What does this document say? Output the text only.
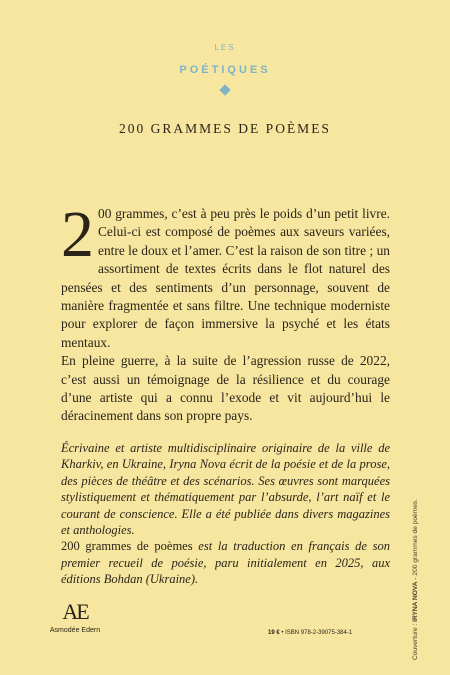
LES
POÉTIQUES
200 GRAMMES DE POÈMES

2 00 grammes, c’est à peu près le poids d’un petit livre. Celui-ci est composé de poèmes aux saveurs variées, entre le doux et l’amer. C’est la raison de son titre ; un assortiment de textes écrits dans le flot naturel des pensées et des sentiments d’un personnage, souvent de manière fragmentée et sans filtre. Une technique moderniste pour explorer de façon immersive la psyché et les états mentaux.

En pleine guerre, à la suite de l’agression russe de 2022, c’est aussi un témoignage de la résilience et du courage d’une artiste qui a connu l’exode et vit aujourd’hui le déracinement dans son propre pays.

Écrivaine et artiste multidisciplinaire originaire de la ville de Kharkiv, en Ukraine, Iryna Nova écrit de la poésie et de la prose, des pièces de théâtre et des scénarios. Ses œuvres sont marquées stylistiquement et thématiquement par l’absurde, l’art naïf et le courant de conscience. Elle a été publiée dans divers magazines et anthologies.

200 grammes de poèmes est la traduction en français de son premier recueil de poésie, paru initialement en 2025, aux éditions Bohdan (Ukraine).

AE
Asmodée Edern	19 € • ISBN 978-2-39075-384-1	Couverture : IRYNA NOVA - 200 grammes de poèmes.
